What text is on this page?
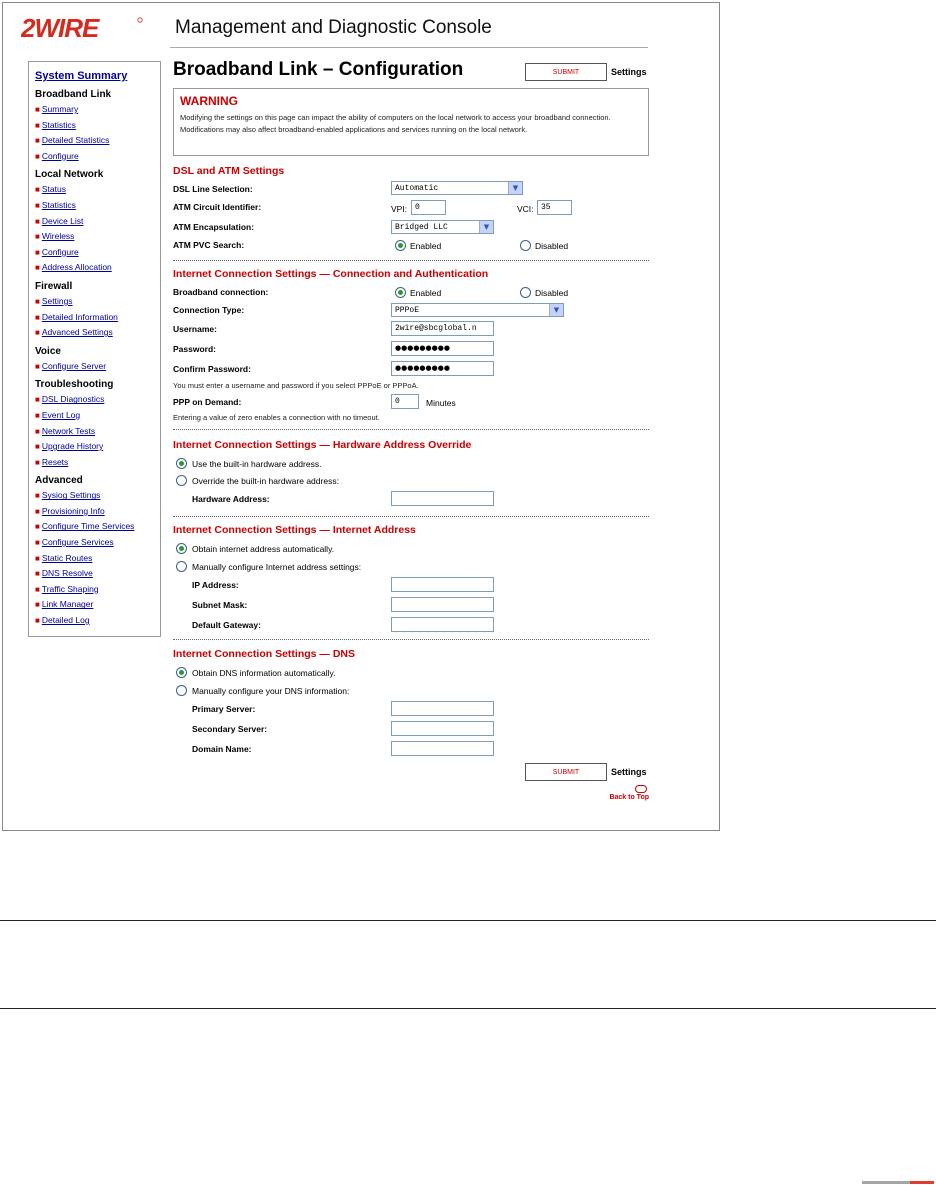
2WIRE	Management and Diagnostic Console
System Summary
Broadband Link
■ Summary
■ Statistics
■ Detailed Statistics
■ Configure
Local Network
■ Status
■ Statistics
■ Device List
■ Wireless
■ Configure
■ Address Allocation
Firewall
■ Settings
■ Detailed Information
■ Advanced Settings
Voice
■ Configure Server
Troubleshooting
■ DSL Diagnostics
■ Event Log
■ Network Tests
■ Upgrade History
■ Resets
Advanced
■ Sysiog Settings
■ Provisioning Info
■ Configure Time Services
■ Configure Services
■ Static Routes
■ DNS Resolve
■ Traffic Shaping
■ Link Manager
■ Detailed Log
Broadband Link – Configuration	SUBMIT	Settings
WARNING
Modifying the settings on this page can impact the ability of computers on the local network to access your broadband connection. Modifications may also affect broadband-enabled applications and services running on the local network.
DSL and ATM Settings
DSL Line Selection:	Automatic	▼
ATM Circuit Identifier:	VPI: 0	VCI: 35
ATM Encapsulation:	Bridged LLC	▼
ATM PVC Search:	Enabled	Disabled
Internet Connection Settings — Connection and Authentication
Broadband connection:	Enabled	Disabled
Connection Type:	PPPoE	▼
Username:	2wire@sbcglobal.n
Password:	●●●●●●●●●
Confirm Password:	●●●●●●●●●
You must enter a username and password if you select PPPoE or PPPoA.
PPP on Demand:	0	Minutes
Entering a value of zero enables a connection with no timeout.
Internet Connection Settings — Hardware Address Override
Use the built-in hardware address.
Override the built-in hardware address:
Hardware Address:
Internet Connection Settings — Internet Address
Obtain internet address automatically.
Manually configure Internet address settings:
IP Address:
Subnet Mask:
Default Gateway:
Internet Connection Settings — DNS
Obtain DNS information automatically.
Manually configure your DNS information:
Primary Server:
Secondary Server:
Domain Name:
SUBMIT	Settings
Back to Top
